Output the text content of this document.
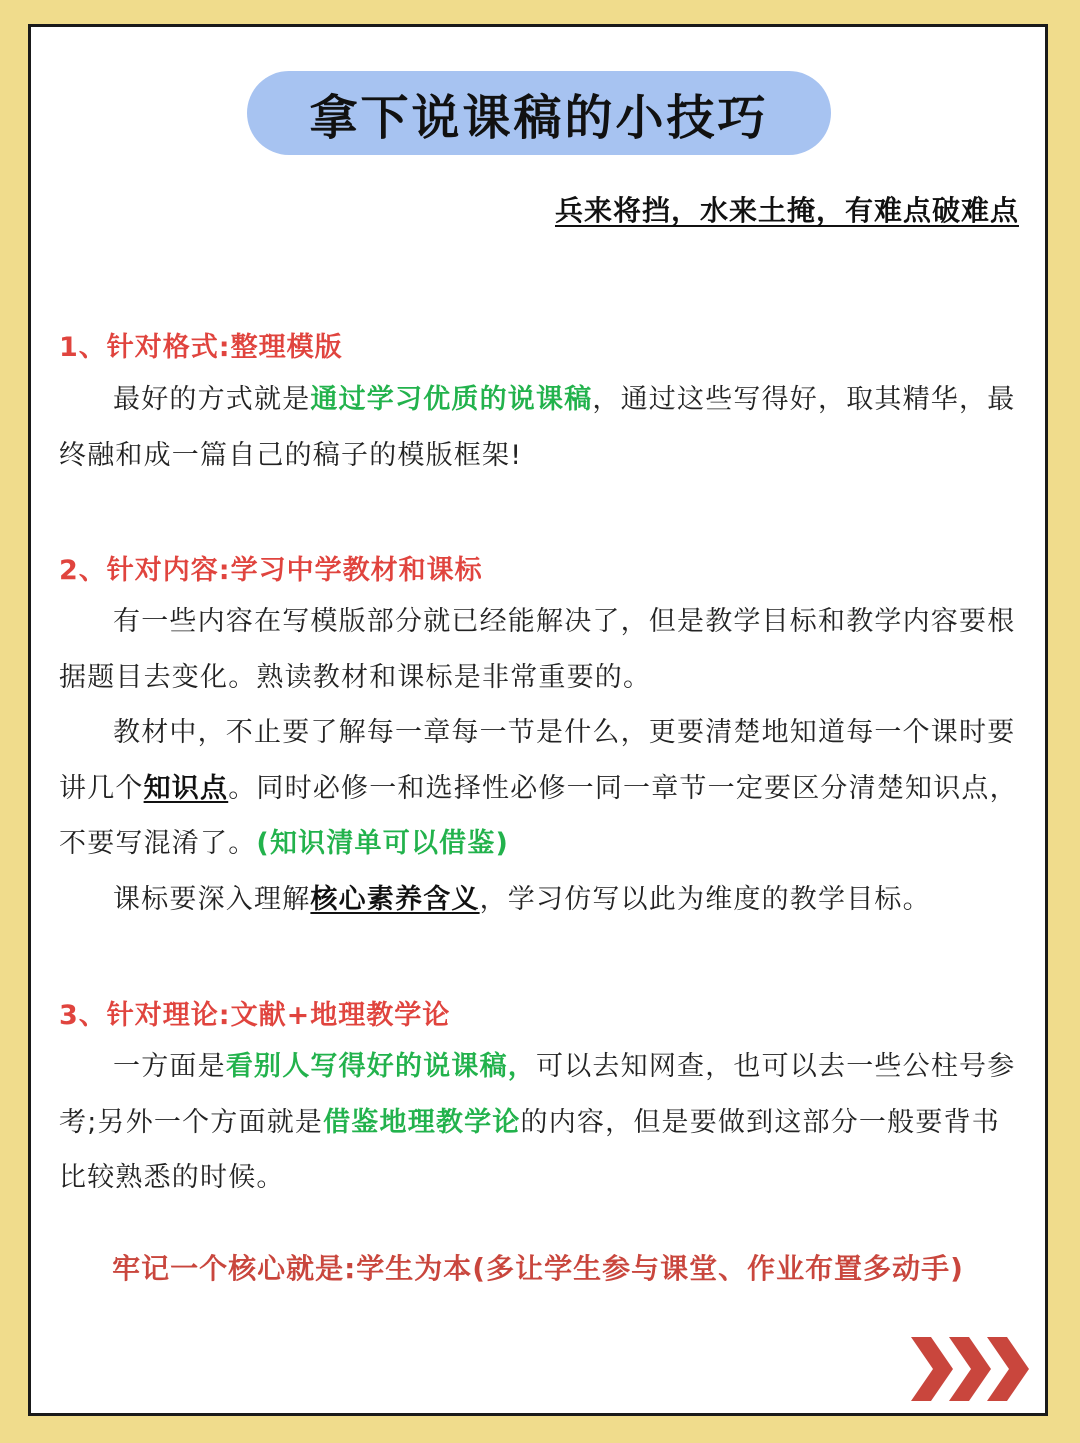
拿下说课稿的小技巧
兵来将挡，水来土掩，有难点破难点
1、针对格式:整理模版

最好的方式就是通过学习优质的说课稿，通过这些写得好，取其精华，最终融和成一篇自己的稿子的模版框架!

2、针对内容:学习中学教材和课标

有一些内容在写模版部分就已经能解决了，但是教学目标和教学内容要根据题目去变化。熟读教材和课标是非常重要的。

教材中，不止要了解每一章每一节是什么，更要清楚地知道每一个课时要讲几个知识点。同时必修一和选择性必修一同一章节一定要区分清楚知识点，不要写混淆了。(知识清单可以借鉴)

课标要深入理解核心素养含义，学习仿写以此为维度的教学目标。

3、针对理论:文献+地理教学论

一方面是看别人写得好的说课稿，可以去知网查，也可以去一些公柱号参考;另外一个方面就是借鉴地理教学论的内容，但是要做到这部分一般要背书比较熟悉的时候。

牢记一个核心就是:学生为本(多让学生参与课堂、作业布置多动手)
